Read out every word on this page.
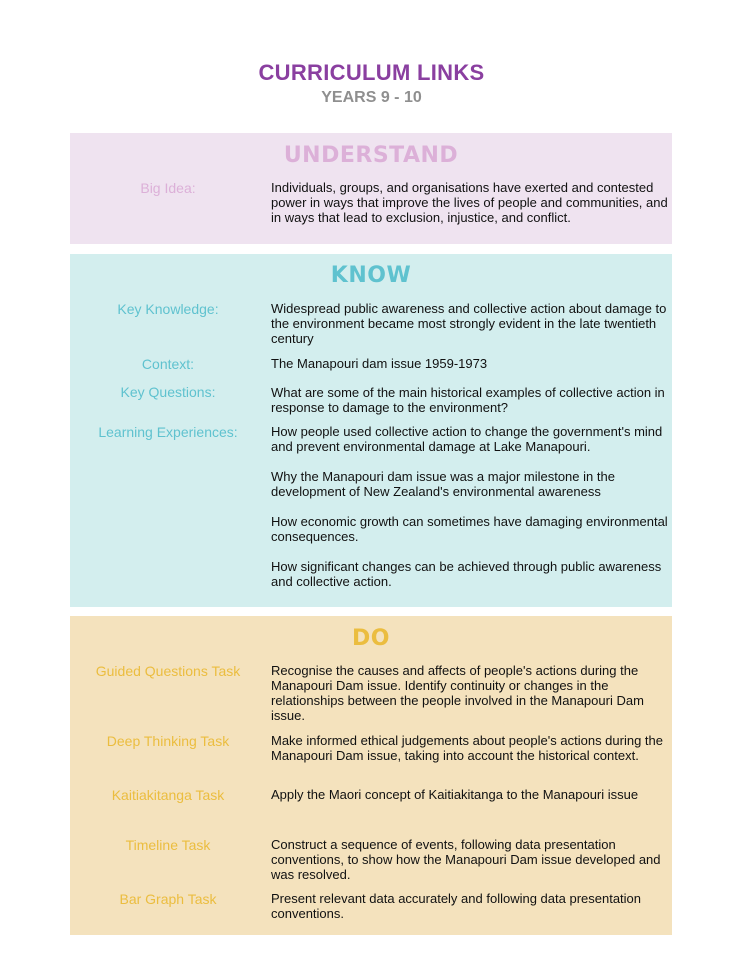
CURRICULUM LINKS
YEARS 9 - 10
UNDERSTAND
Big Idea:	Individuals, groups, and organisations have exerted and contested power in ways that improve the lives of people and communities, and in ways that lead to exclusion, injustice, and conflict.
KNOW
Key Knowledge:	Widespread public awareness and collective action about damage to the environment became most strongly evident in the late twentieth century
Context:	The Manapouri dam issue 1959-1973
Key Questions:	What are some of the main historical examples of collective action in response to damage to the environment?
Learning Experiences:	How people used collective action to change the government's mind and prevent environmental damage at Lake Manapouri.
Why the Manapouri dam issue was a major milestone in the development of New Zealand's environmental awareness
How economic growth can sometimes have damaging environmental consequences.
How significant changes can be achieved through public awareness and collective action.
DO
Guided Questions Task	Recognise the causes and affects of people's actions during the Manapouri Dam issue. Identify continuity or changes in the relationships between the people involved in the Manapouri Dam issue.
Deep Thinking Task	Make informed ethical judgements about people's actions during the Manapouri Dam issue, taking into account the historical context.
Kaitiakitanga Task	Apply the Maori concept of Kaitiakitanga to the Manapouri issue
Timeline Task	Construct a sequence of events, following data presentation conventions, to show how the Manapouri Dam issue developed and was resolved.
Bar Graph Task	Present relevant data accurately and following data presentation conventions.
